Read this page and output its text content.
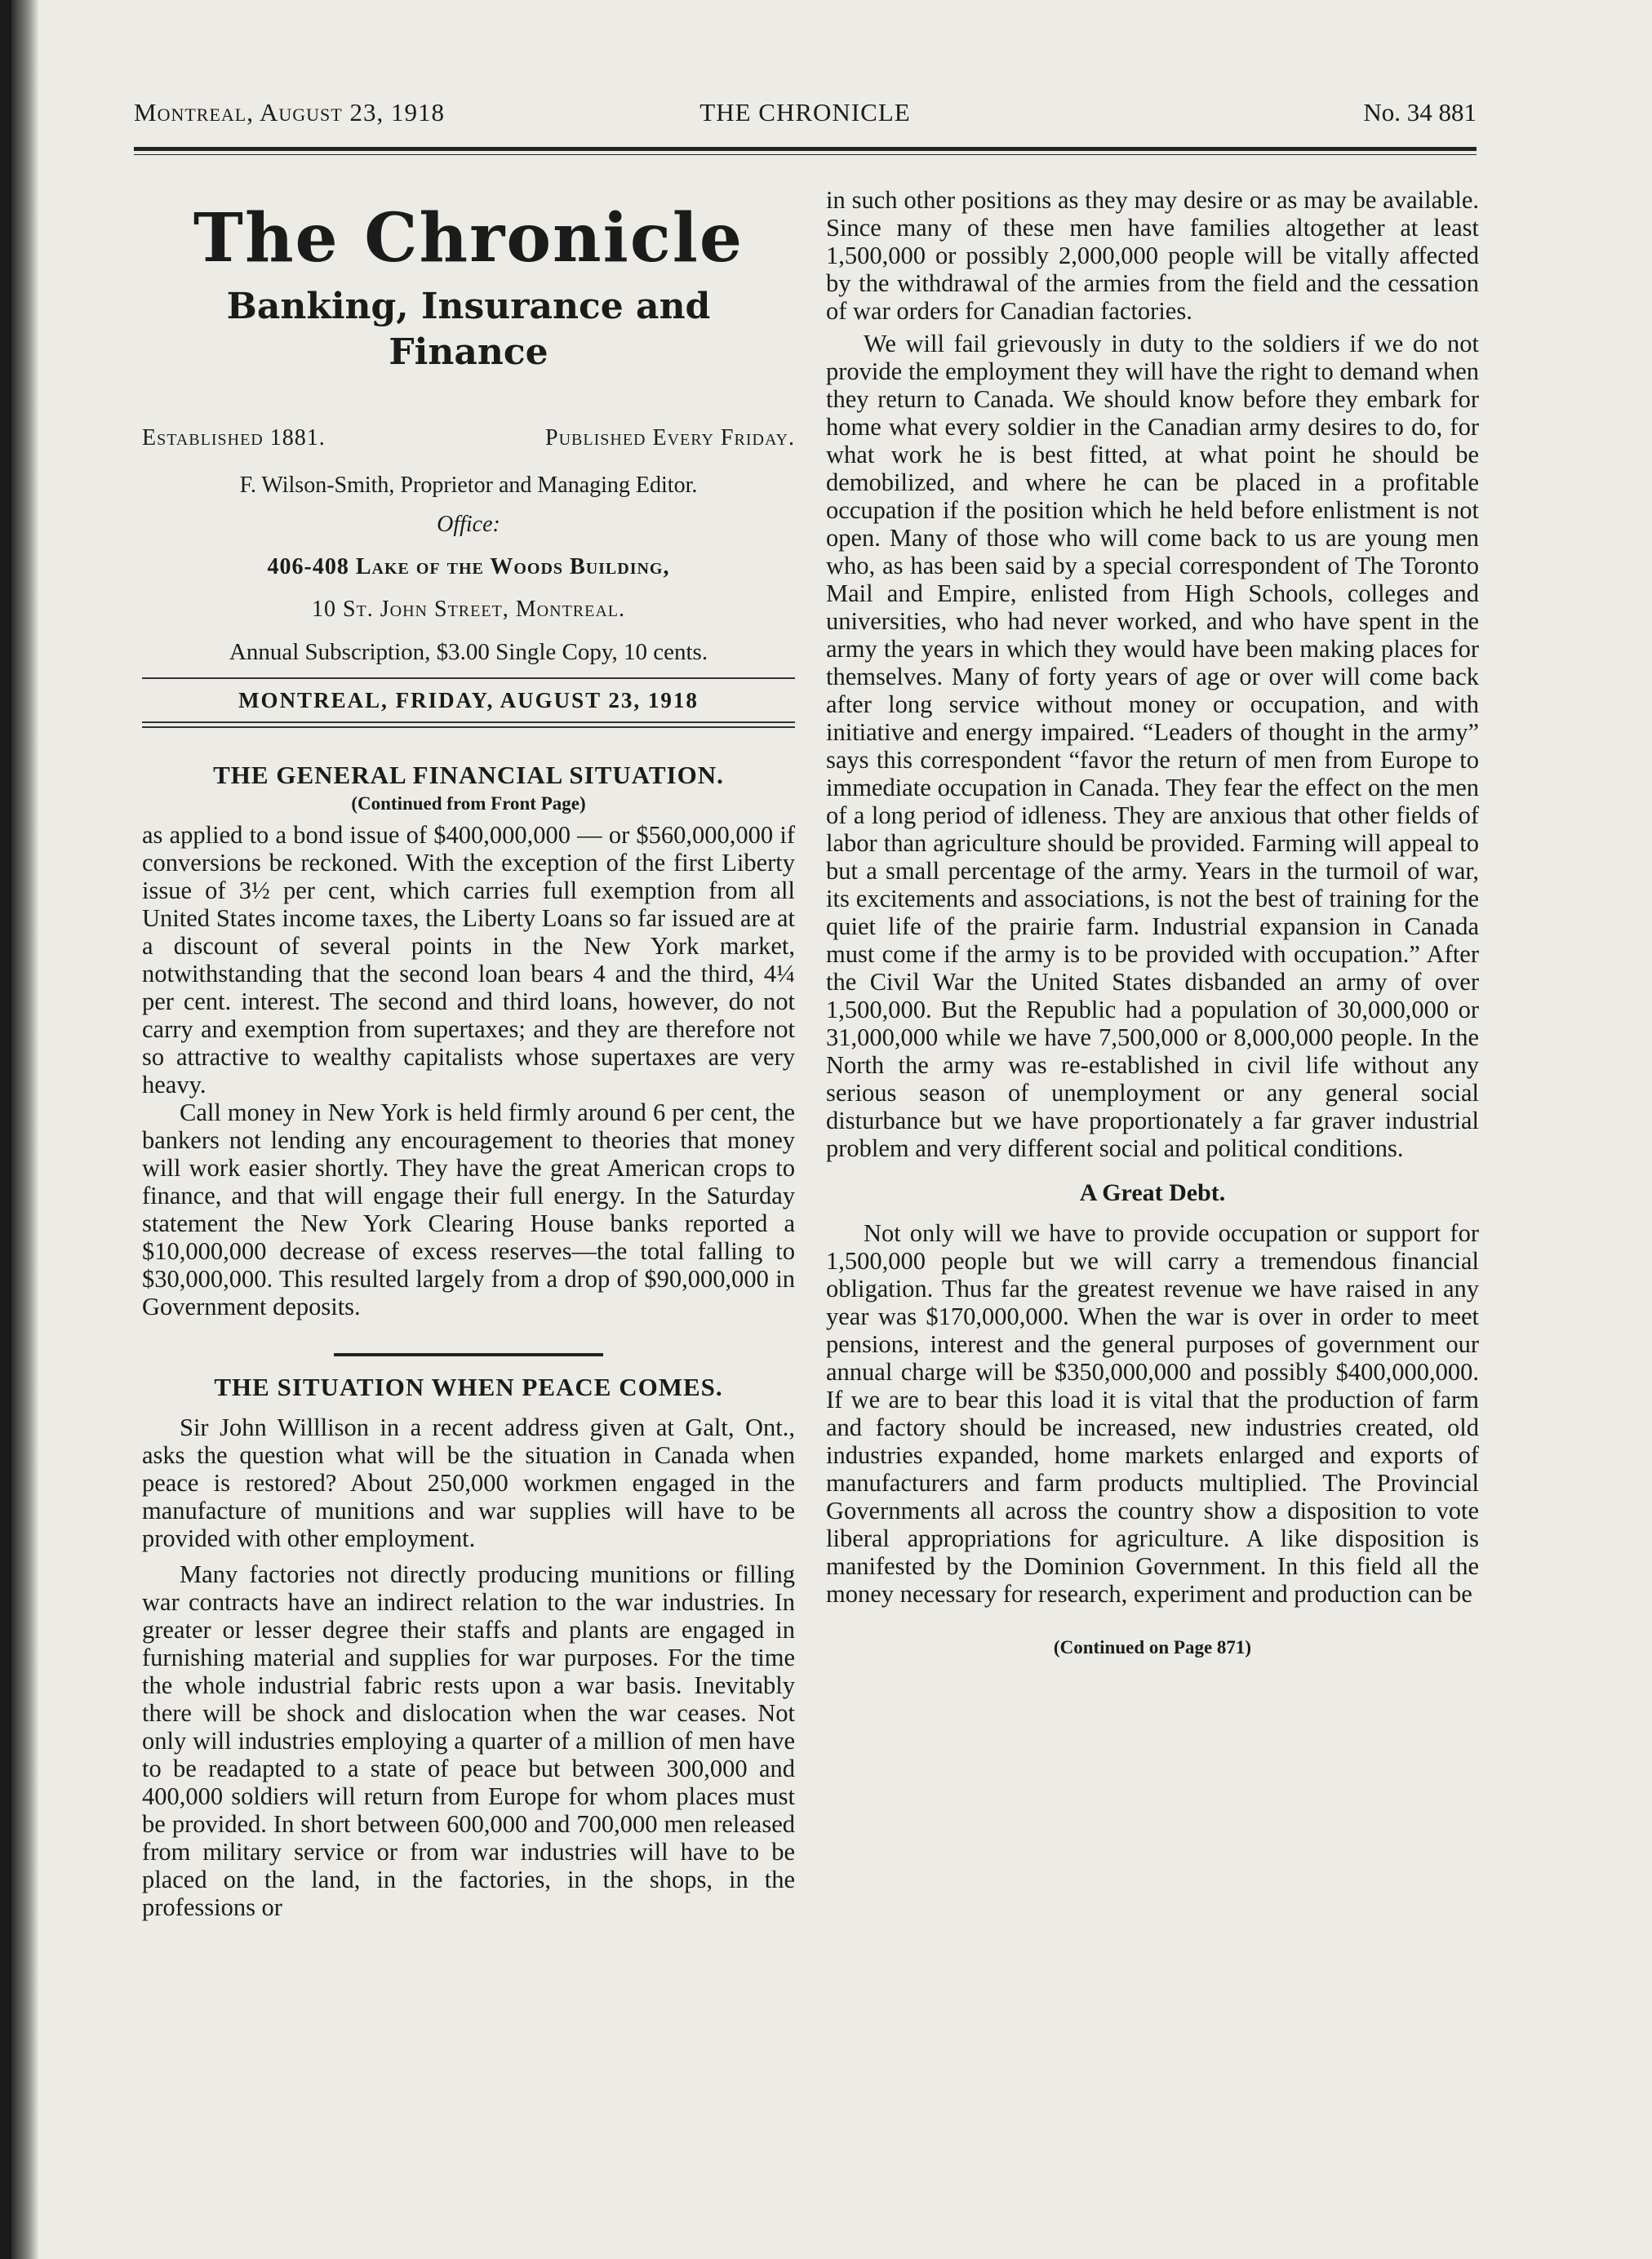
Montreal, August 23, 1918	THE CHRONICLE	No. 34 881
The Chronicle
Banking, Insurance and Finance
Established 1881.	Published Every Friday.
F. Wilson-Smith, Proprietor and Managing Editor.
Office:
406-408 Lake of the Woods Building,
10 St. John Street, Montreal.
Annual Subscription, $3.00 Single Copy, 10 cents.
MONTREAL, FRIDAY, AUGUST 23, 1918
THE GENERAL FINANCIAL SITUATION.
(Continued from Front Page)

as applied to a bond issue of $400,000,000 — or $560,000,000 if conversions be reckoned. With the exception of the first Liberty issue of 3½ per cent, which carries full exemption from all United States income taxes, the Liberty Loans so far issued are at a discount of several points in the New York market, notwithstanding that the second loan bears 4 and the third, 4¼ per cent. interest. The second and third loans, however, do not carry and exemption from supertaxes; and they are therefore not so attractive to wealthy capitalists whose supertaxes are very heavy.

Call money in New York is held firmly around 6 per cent, the bankers not lending any encouragement to theories that money will work easier shortly. They have the great American crops to finance, and that will engage their full energy. In the Saturday statement the New York Clearing House banks reported a $10,000,000 decrease of excess reserves—the total falling to $30,000,000. This resulted largely from a drop of $90,000,000 in Government deposits.

THE SITUATION WHEN PEACE COMES.

Sir John Willlison in a recent address given at Galt, Ont., asks the question what will be the situation in Canada when peace is restored? About 250,000 workmen engaged in the manufacture of munitions and war supplies will have to be provided with other employment.

Many factories not directly producing munitions or filling war contracts have an indirect relation to the war industries. In greater or lesser degree their staffs and plants are engaged in furnishing material and supplies for war purposes. For the time the whole industrial fabric rests upon a war basis. Inevitably there will be shock and dislocation when the war ceases. Not only will industries employing a quarter of a million of men have to be readapted to a state of peace but between 300,000 and 400,000 soldiers will return from Europe for whom places must be provided. In short between 600,000 and 700,000 men released from military service or from war industries will have to be placed on the land, in the factories, in the shops, in the professions or

in such other positions as they may desire or as may be available. Since many of these men have families altogether at least 1,500,000 or possibly 2,000,000 people will be vitally affected by the withdrawal of the armies from the field and the cessation of war orders for Canadian factories.

We will fail grievously in duty to the soldiers if we do not provide the employment they will have the right to demand when they return to Canada. We should know before they embark for home what every soldier in the Canadian army desires to do, for what work he is best fitted, at what point he should be demobilized, and where he can be placed in a profitable occupation if the position which he held before enlistment is not open. Many of those who will come back to us are young men who, as has been said by a special correspondent of The Toronto Mail and Empire, enlisted from High Schools, colleges and universities, who had never worked, and who have spent in the army the years in which they would have been making places for themselves. Many of forty years of age or over will come back after long service without money or occupation, and with initiative and energy impaired. “Leaders of thought in the army” says this correspondent “favor the return of men from Europe to immediate occupation in Canada. They fear the effect on the men of a long period of idleness. They are anxious that other fields of labor than agriculture should be provided. Farming will appeal to but a small percentage of the army. Years in the turmoil of war, its excitements and associations, is not the best of training for the quiet life of the prairie farm. Industrial expansion in Canada must come if the army is to be provided with occupation.” After the Civil War the United States disbanded an army of over 1,500,000. But the Republic had a population of 30,000,000 or 31,000,000 while we have 7,500,000 or 8,000,000 people. In the North the army was re-established in civil life without any serious season of unemployment or any general social disturbance but we have proportionately a far graver industrial problem and very different social and political conditions.

A Great Debt.

Not only will we have to provide occupation or support for 1,500,000 people but we will carry a tremendous financial obligation. Thus far the greatest revenue we have raised in any year was $170,000,000. When the war is over in order to meet pensions, interest and the general purposes of government our annual charge will be $350,000,000 and possibly $400,000,000. If we are to bear this load it is vital that the production of farm and factory should be increased, new industries created, old industries expanded, home markets enlarged and exports of manufacturers and farm products multiplied. The Provincial Governments all across the country show a disposition to vote liberal appropriations for agriculture. A like disposition is manifested by the Dominion Government. In this field all the money necessary for research, experiment and production can be

(Continued on Page 871)
